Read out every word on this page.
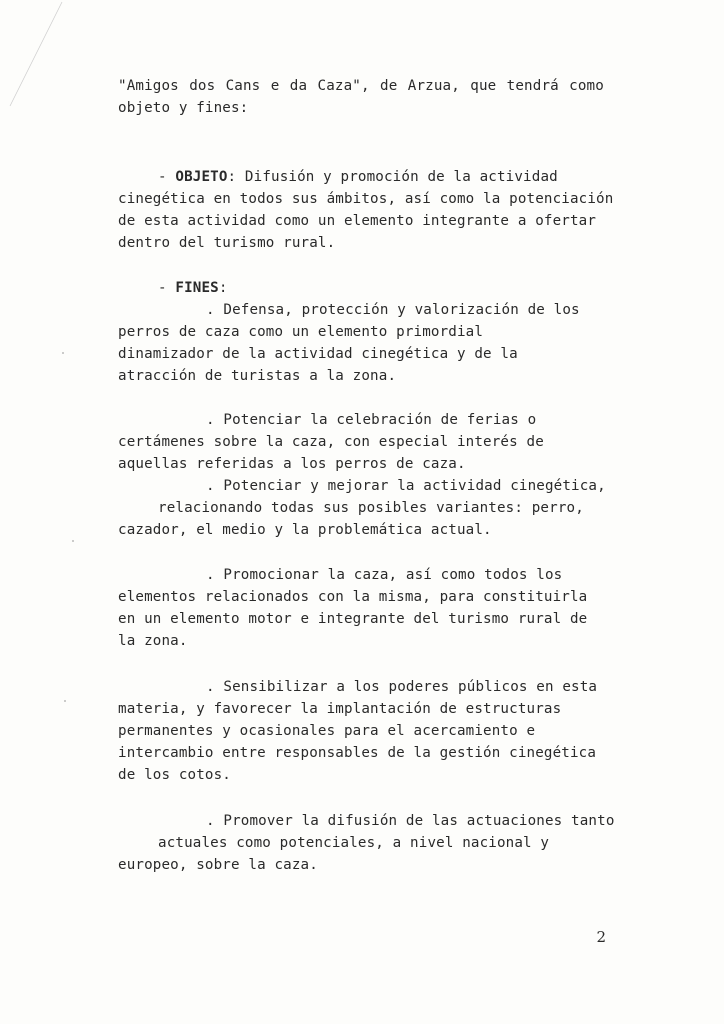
"Amigos dos Cans e da Caza", de Arzua, que tendrá como
objeto y fines:
- OBJETO: Difusión y promoción de la actividad
cinegética en todos sus ámbitos, así como la potenciación
de esta actividad como un elemento integrante a ofertar
dentro del turismo rural.
- FINES:
. Defensa, protección y valorización de los
perros de caza como un elemento primordial
dinamizador de la actividad cinegética y de la
atracción de turistas a la zona.
. Potenciar la celebración de ferias o
certámenes sobre la caza, con especial interés de
aquellas referidas a los perros de caza.
. Potenciar y mejorar la actividad cinegética,
relacionando todas sus posibles variantes: perro,
cazador, el medio y la problemática actual.
. Promocionar la caza, así como todos los
elementos relacionados con la misma, para constituirla
en un elemento motor e integrante del turismo rural de
la zona.
. Sensibilizar a los poderes públicos en esta
materia, y favorecer la implantación de estructuras
permanentes y ocasionales para el acercamiento e
intercambio entre responsables de la gestión cinegética
de los cotos.
. Promover la difusión de las actuaciones tanto
actuales como potenciales, a nivel nacional y
europeo, sobre la caza.
2
